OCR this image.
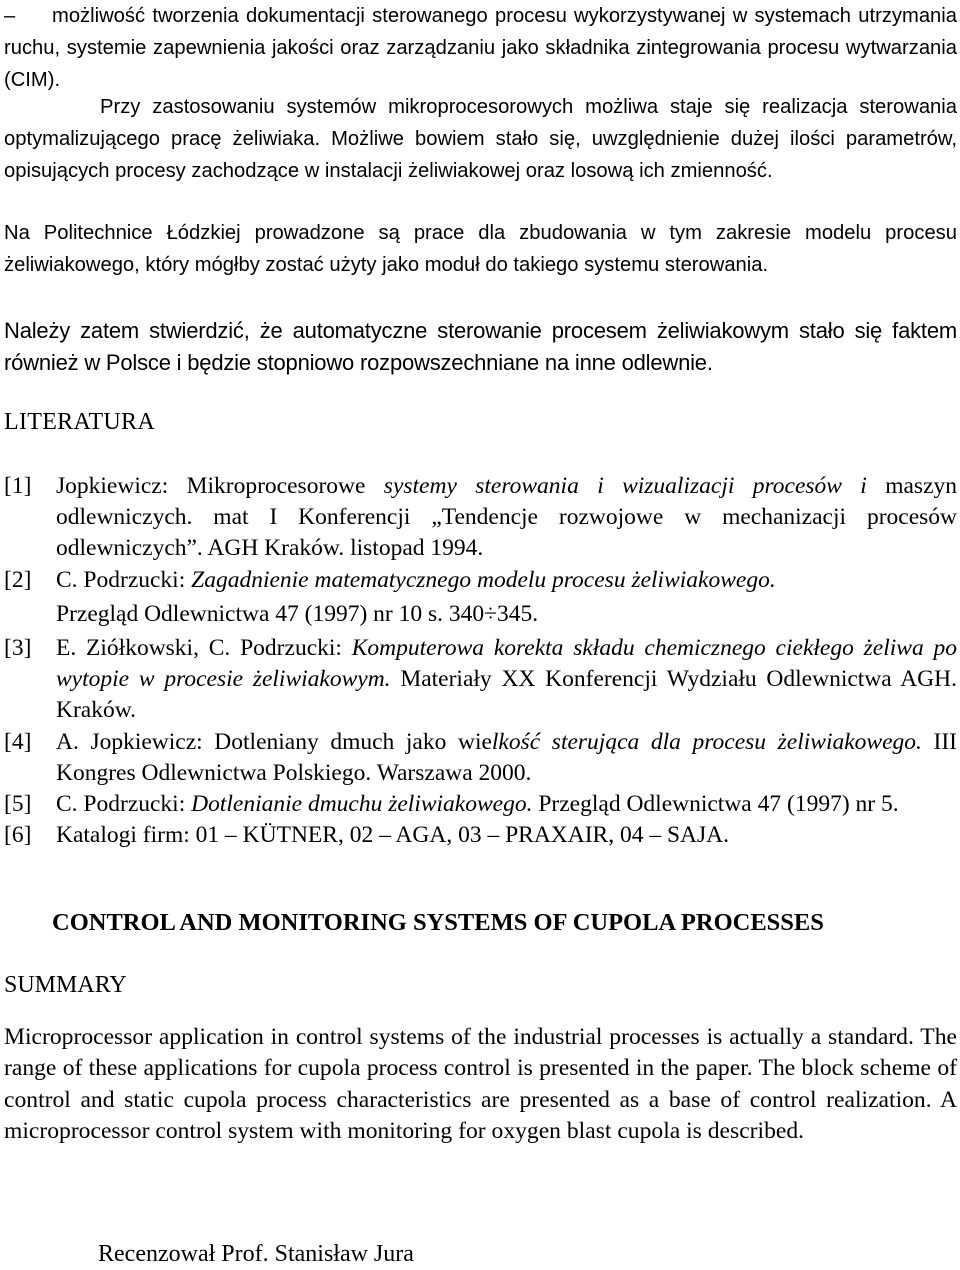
– możliwość tworzenia dokumentacji sterowanego procesu wykorzystywanej w systemach utrzymania ruchu, systemie zapewnienia jakości oraz zarządzaniu jako składnika zintegrowania procesu wytwarzania (CIM).

Przy zastosowaniu systemów mikroprocesorowych możliwa staje się realizacja sterowania optymalizującego pracę żeliwiaka. Możliwe bowiem stało się, uwzględnienie dużej ilości parametrów, opisujących procesy zachodzące w instalacji żeliwiakowej oraz losową ich zmienność.

Na Politechnice Łódzkiej prowadzone są prace dla zbudowania w tym zakresie modelu procesu żeliwiakowego, który mógłby zostać użyty jako moduł do takiego systemu sterowania.

Należy zatem stwierdzić, że automatyczne sterowanie procesem żeliwiakowym stało się faktem również w Polsce i będzie stopniowo rozpowszechniane na inne odlewnie.

LITERATURA

[1] Jopkiewicz: Mikroprocesorowe systemy sterowania i wizualizacji procesów i maszyn odlewniczych. mat I Konferencji „Tendencje rozwojowe w mechanizacji procesów odlewniczych”. AGH Kraków. listopad 1994.
[2] C. Podrzucki: Zagadnienie matematycznego modelu procesu żeliwiakowego.
Przegląd Odlewnictwa 47 (1997) nr 10 s. 340÷345.
[3] E. Ziółkowski, C. Podrzucki: Komputerowa korekta składu chemicznego ciekłego żeliwa po wytopie w procesie żeliwiakowym. Materiały XX Konferencji Wydziału Odlewnictwa AGH. Kraków.
[4] A. Jopkiewicz: Dotleniany dmuch jako wielkość sterująca dla procesu żeliwiakowego. III Kongres Odlewnictwa Polskiego. Warszawa 2000.
[5] C. Podrzucki: Dotlenianie dmuchu żeliwiakowego. Przegląd Odlewnictwa 47 (1997) nr 5.
[6] Katalogi firm: 01 – KÜTNER, 02 – AGA, 03 – PRAXAIR, 04 – SAJA.

CONTROL AND MONITORING SYSTEMS OF CUPOLA PROCESSES

SUMMARY

Microprocessor application in control systems of the industrial processes is actually a standard. The range of these applications for cupola process control is presented in the paper. The block scheme of control and static cupola process characteristics are presented as a base of control realization. A microprocessor control system with monitoring for oxygen blast cupola is described.

Recenzował Prof. Stanisław Jura
